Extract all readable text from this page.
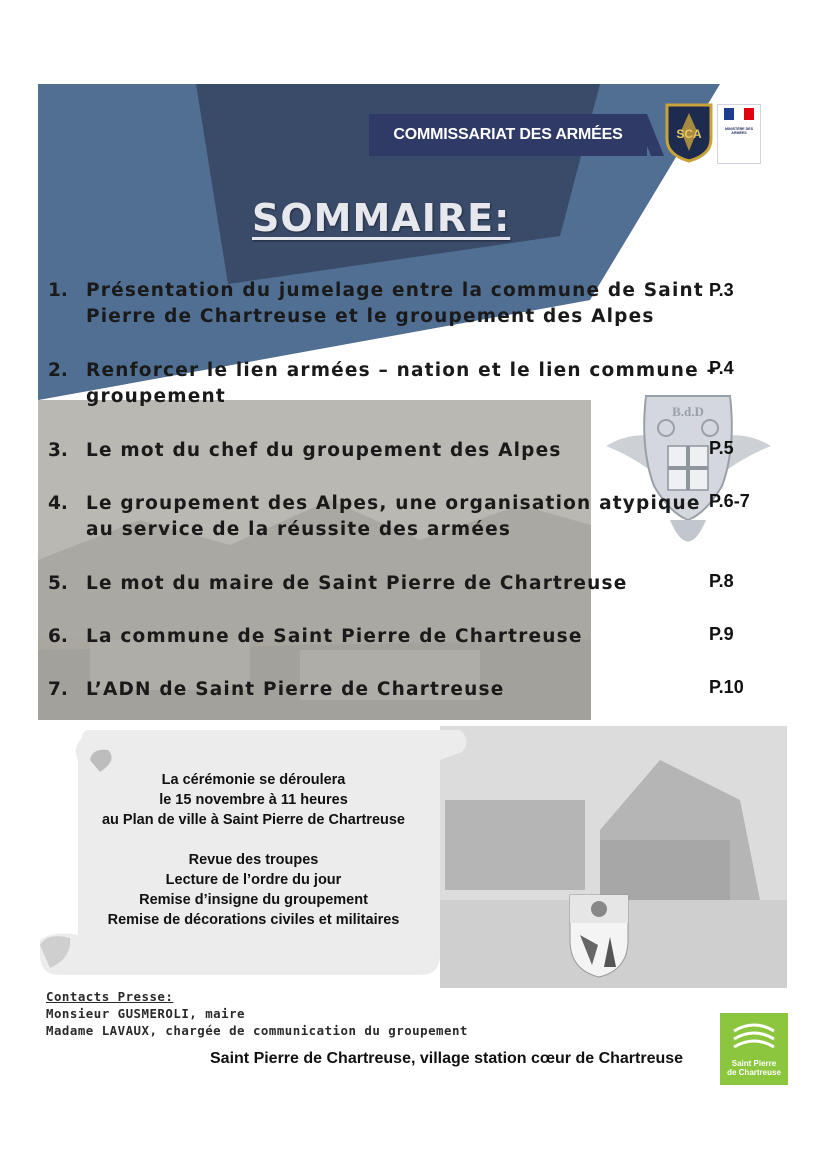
COMMISSARIAT DES ARMÉES	SCA	MINISTÈRE DES ARMÉES
SOMMAIRE:
B.d.D
1. Présentation du jumelage entre la commune de Saint
Pierre de Chartreuse et le groupement des Alpes
P.3
2. Renforcer le lien armées – nation et le lien commune –
groupement
P.4
3. Le mot du chef du groupement des Alpes	P.5
4. Le groupement des Alpes, une organisation atypique
au service de la réussite des armées
P.6-7
5. Le mot du maire de Saint Pierre de Chartreuse	P.8
6. La commune de Saint Pierre de Chartreuse	P.9
7. L’ADN de Saint Pierre de Chartreuse	P.10
La cérémonie se déroulera
le 15 novembre à 11 heures
au Plan de ville à Saint Pierre de Chartreuse
Revue des troupes
Lecture de l’ordre du jour
Remise d’insigne du groupement
Remise de décorations civiles et militaires
Contacts Presse:
Monsieur GUSMEROLI, maire
Madame LAVAUX, chargée de communication du groupement
Saint Pierre de Chartreuse, village station cœur de Chartreuse	Saint Pierre
de Chartreuse
